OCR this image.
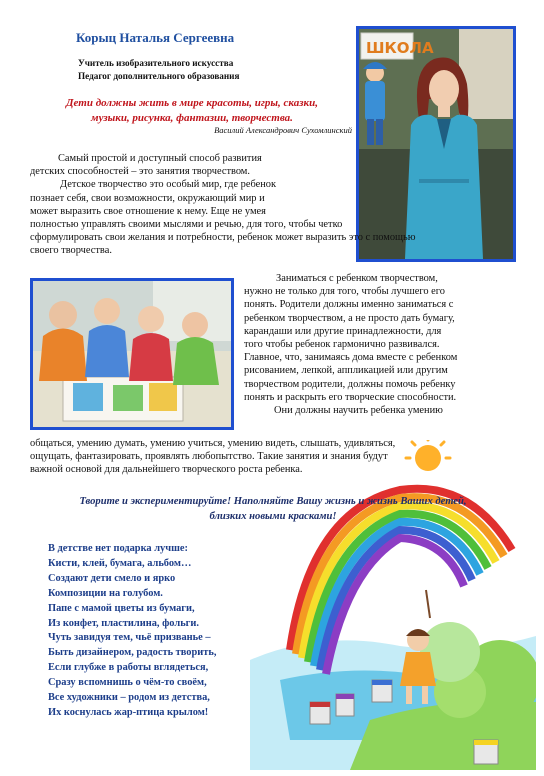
Корыц Наталья Сергеевна
Учитель изобразительного искусства
Педагог дополнительного образования
Дети должны жить в мире красоты, игры, сказки,
музыки, рисунка, фантазии, творчества.
Василий Александрович Сухомлинский
ШКОЛА
Самый простой и доступный способ развития
детских способностей – это занятия творчеством.
Детское творчество это особый мир, где ребенок
познает себя, свои возможности, окружающий мир и
может выразить свое отношение к нему. Еще не умея
полностью управлять своими мыслями и речью, для того, чтобы четко
сформулировать свои желания и потребности, ребенок может выразить это с помощью
своего творчества.
Заниматься с ребенком творчеством,
нужно не только для того, чтобы лучшего его
понять. Родители должны именно заниматься с
ребенком творчеством, а не просто дать бумагу,
карандаши или другие принадлежности, для
того чтобы ребенок гармонично развивался.
Главное, что, занимаясь дома вместе с ребенком
рисованием, лепкой, аппликацией или другим
творчеством родители, должны помочь ребенку
понять и раскрыть его творческие способности.
Они должны научить ребенка умению
общаться, умению думать, умению учиться, умению видеть, слышать, удивляться,
ощущать, фантазировать, проявлять любопытство. Такие занятия и знания будут
важной основой для дальнейшего творческого роста ребенка.
Творите и экспериментируйте! Наполняйте Вашу жизнь и жизнь Ваших детей,
близких новыми красками!
В детстве нет подарка лучше:
Кисти, клей, бумага, альбом…
Создают дети смело и ярко
Композиции на голубом.
Папе с мамой цветы из бумаги,
Из конфет, пластилина, фольги.
Чуть завидуя тем, чьё призванье –
Быть дизайнером, радость творить,
Если глубже в работы вглядеться,
Сразу вспомнишь о чём-то своём,
Все художники – родом из детства,
Их коснулась жар-птица крылом!
